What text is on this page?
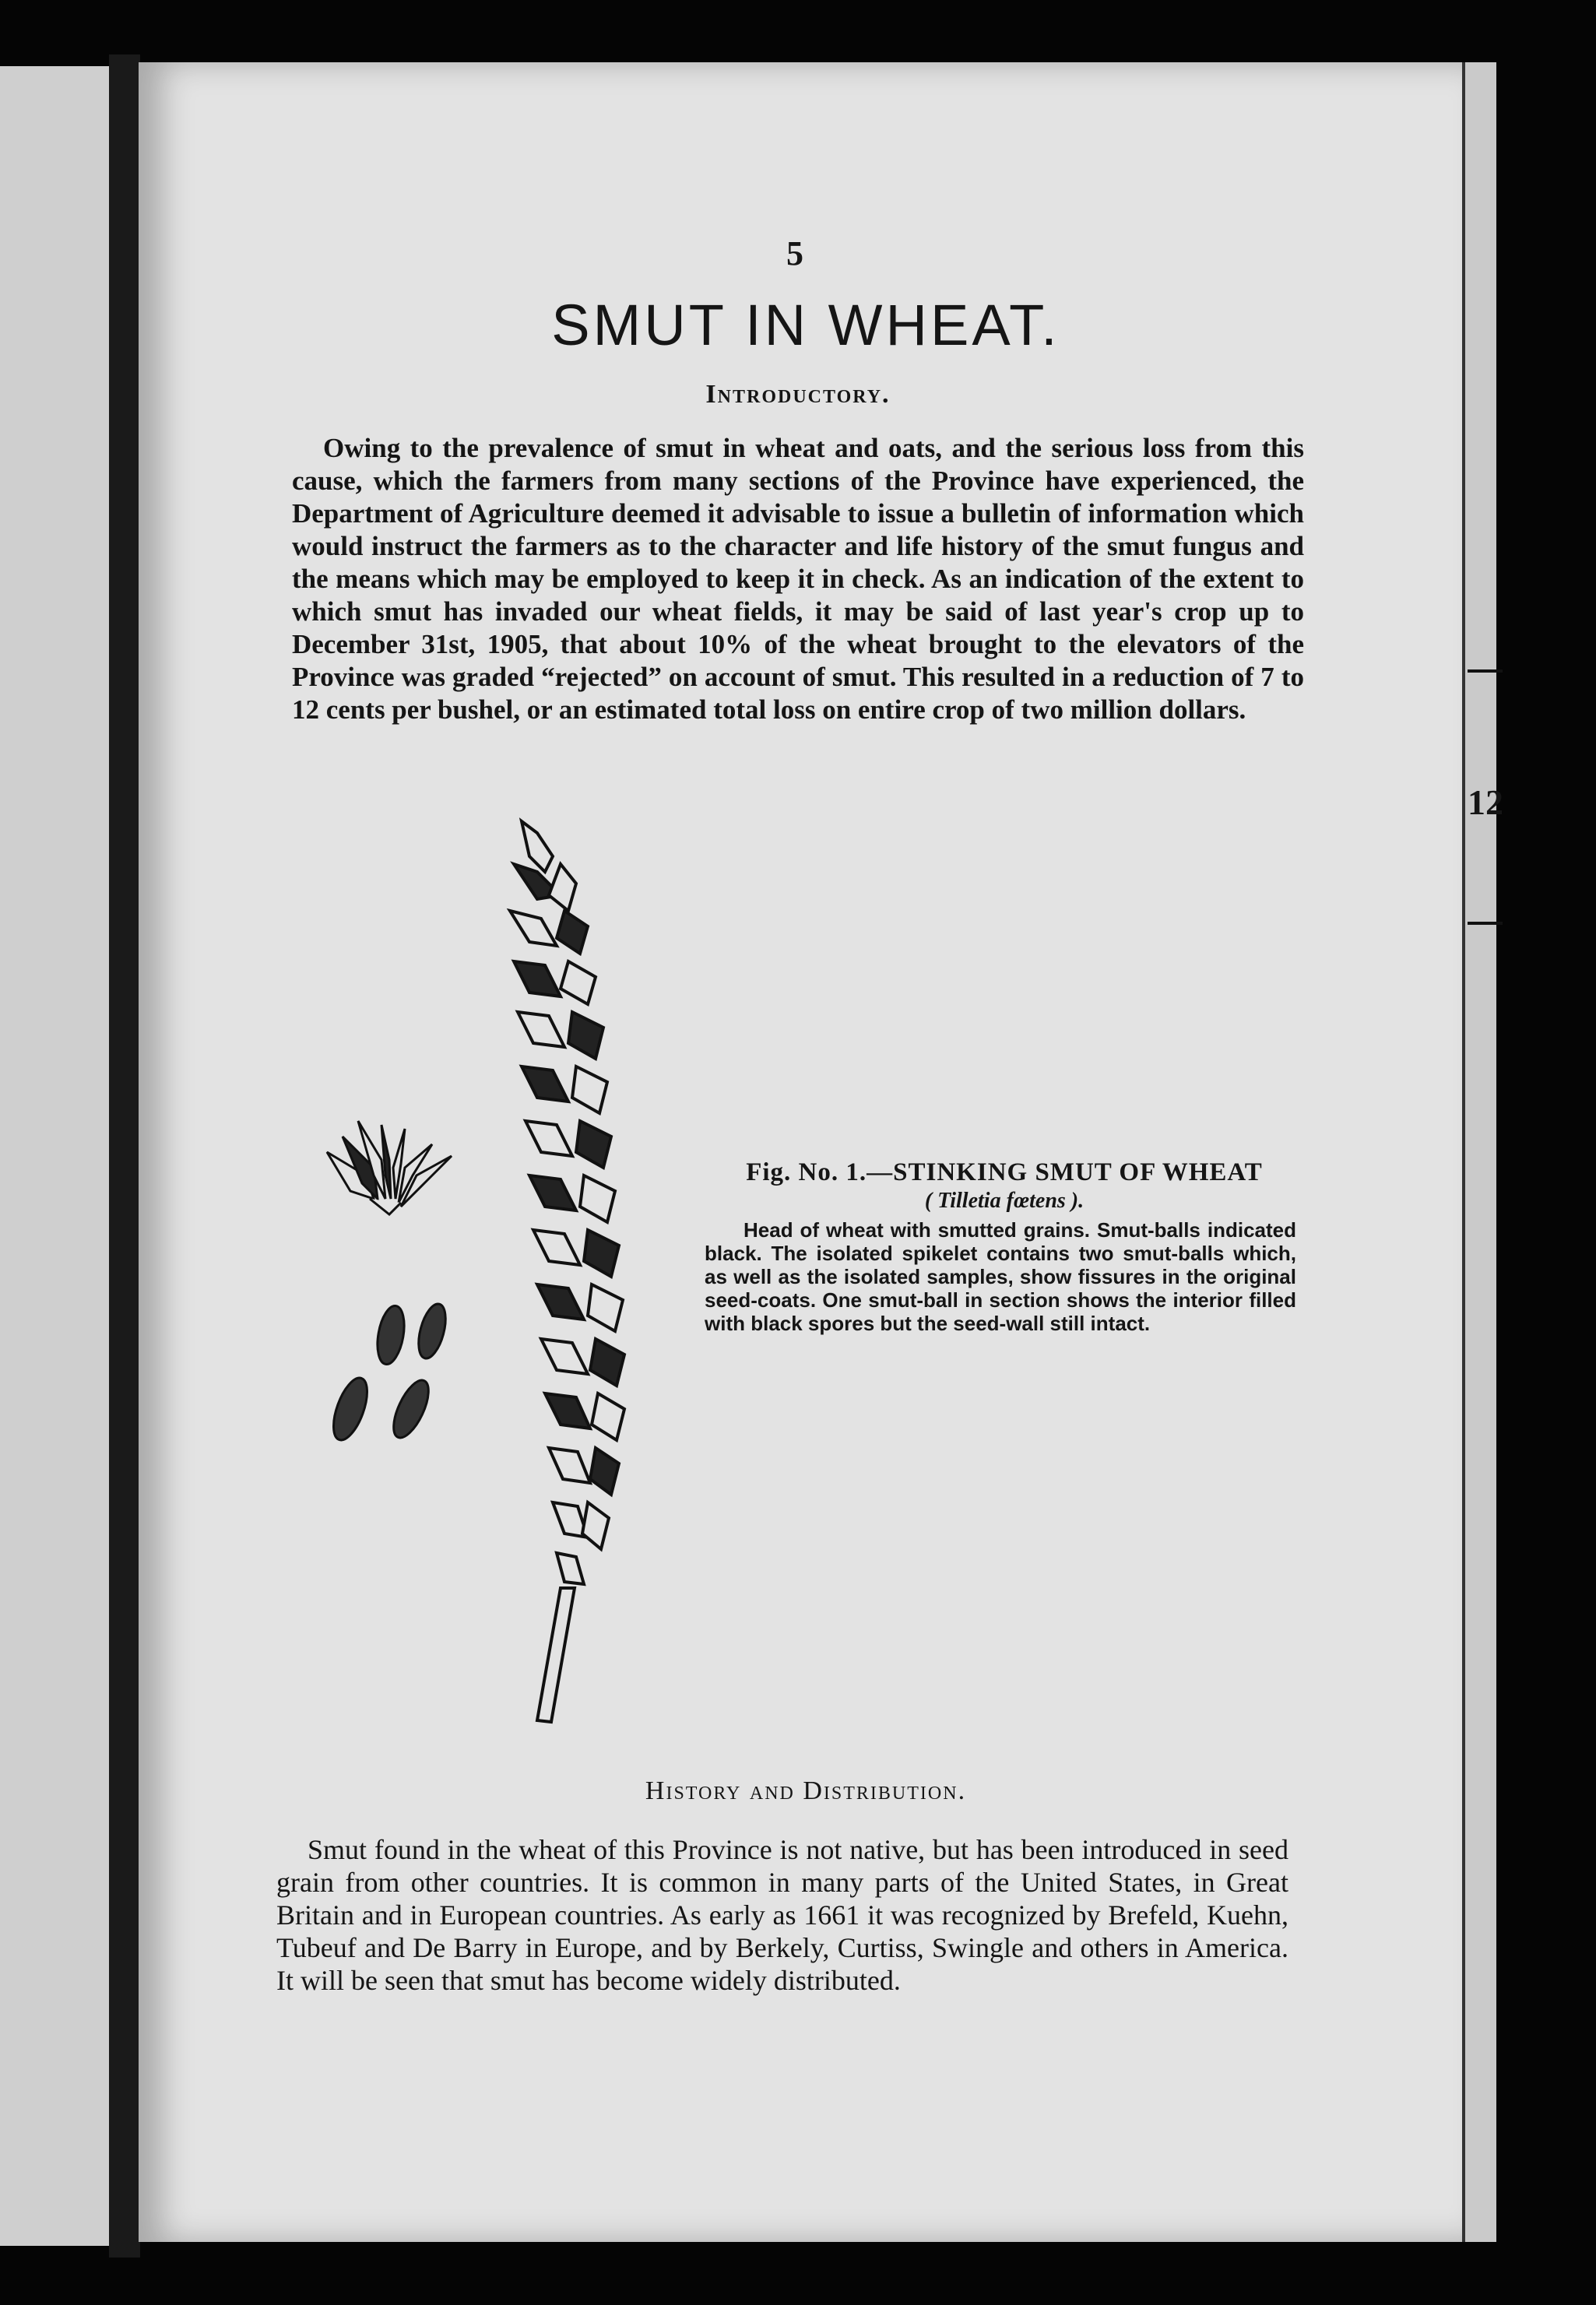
12
5
SMUT IN WHEAT.
Introductory.

Owing to the prevalence of smut in wheat and oats, and the serious loss from this cause, which the farmers from many sections of the Province have experienced, the Department of Agriculture deemed it advisable to issue a bulletin of information which would instruct the farmers as to the character and life history of the smut fungus and the means which may be employed to keep it in check. As an indication of the extent to which smut has invaded our wheat fields, it may be said of last year's crop up to December 31st, 1905, that about 10% of the wheat brought to the elevators of the Province was graded “rejected” on account of smut. This resulted in a reduction of 7 to 12 cents per bushel, or an estimated total loss on entire crop of two million dollars.

Fig. No. 1.—STINKING SMUT OF WHEAT
( Tilletia fœtens ).

Head of wheat with smutted grains. Smut-balls indicated black. The isolated spikelet contains two smut-balls which, as well as the isolated samples, show fissures in the original seed-coats. One smut-ball in section shows the interior filled with black spores but the seed-wall still intact.

History and Distribution.

Smut found in the wheat of this Province is not native, but has been introduced in seed grain from other countries. It is common in many parts of the United States, in Great Britain and in European countries. As early as 1661 it was recognized by Brefeld, Kuehn, Tubeuf and De Barry in Europe, and by Berkely, Curtiss, Swingle and others in America. It will be seen that smut has become widely distributed.
